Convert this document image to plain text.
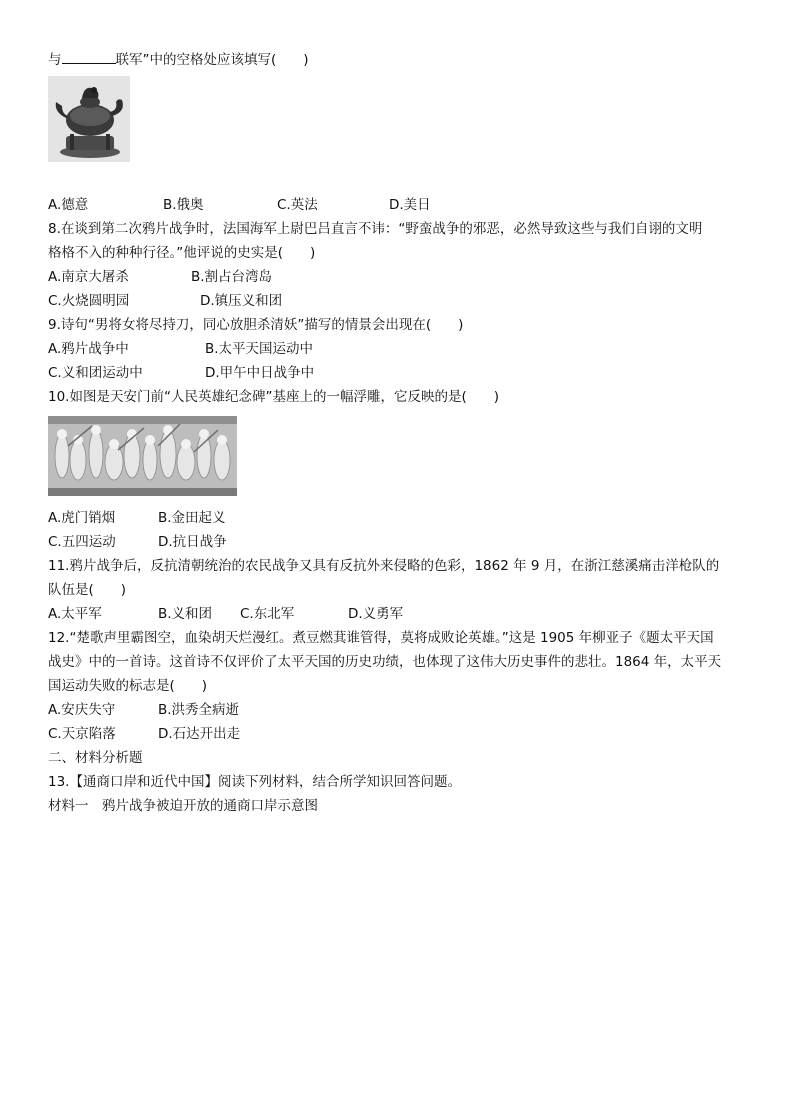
与	联军”中的空格处应该填写(　　)
A.德意	B.俄奥	C.英法	D.美日
8.在谈到第二次鸦片战争时，法国海军上尉巴吕直言不讳：“野蛮战争的邪恶，必然导致这些与我们自诩的文明
格格不入的种种行径。”他评说的史实是(　　)
A.南京大屠杀	B.割占台湾岛
C.火烧圆明园	D.镇压义和团
9.诗句“男将女将尽持刀，同心放胆杀清妖”描写的情景会出现在(　　)
A.鸦片战争中	B.太平天国运动中
C.义和团运动中	D.甲午中日战争中
10.如图是天安门前“人民英雄纪念碑”基座上的一幅浮雕，它反映的是(　　)
A.虎门销烟	B.金田起义
C.五四运动	D.抗日战争
11.鸦片战争后，反抗清朝统治的农民战争又具有反抗外来侵略的色彩，1862 年 9 月，在浙江慈溪痛击洋枪队的
队伍是(　　)
A.太平军	B.义和团 C.东北军	D.义勇军
12.“楚歌声里霸图空，血染胡天烂漫红。煮豆燃萁谁管得，莫将成败论英雄。”这是 1905 年柳亚子《题太平天国
战史》中的一首诗。这首诗不仅评价了太平天国的历史功绩，也体现了这伟大历史事件的悲壮。1864 年，太平天
国运动失败的标志是(　　)
A.安庆失守	B.洪秀全病逝
C.天京陷落	D.石达开出走
二、材料分析题
13.【通商口岸和近代中国】阅读下列材料，结合所学知识回答问题。
材料一　鸦片战争被迫开放的通商口岸示意图
